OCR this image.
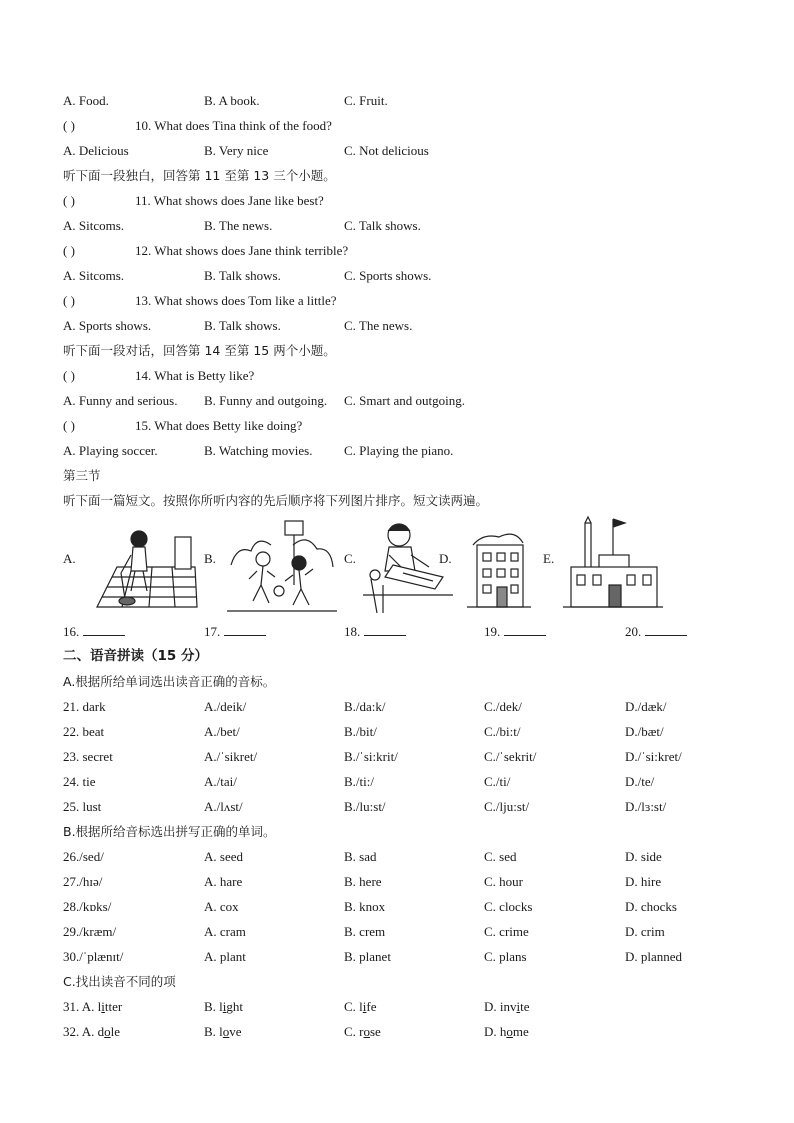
A. Food.	B. A book.	C. Fruit.
( )	10. What does Tina think of the food?
A. Delicious	B. Very nice	C. Not delicious
听下面一段独白，回答第 11 至第 13 三个小题。
( )	11. What shows does Jane like best?
A. Sitcoms.	B. The news.	C. Talk shows.
( )	12. What shows does Jane think terrible?
A. Sitcoms.	B. Talk shows.	C. Sports shows.
( )	13. What shows does Tom like a little?
A. Sports shows.	B. Talk shows.	C. The news.
听下面一段对话，回答第 14 至第 15 两个小题。
( )	14. What is Betty like?
A. Funny and serious. B. Funny and outgoing. C. Smart and outgoing.
( )	15. What does Betty like doing?
A. Playing soccer.	B. Watching movies. C. Playing the piano.
第三节
听下面一篇短文。按照你所听内容的先后顺序将下列图片排序。短文读两遍。
A.	B.	C.	D.	E.
16.	17.	18.	19.	20.
二、语音拼读（15 分）
A.根据所给单词选出读音正确的音标。
21. dark	A./deik/	B./da:k/	C./dek/	D./dæk/
22. beat	A./bet/	B./bit/	C./bi:t/	D./bæt/
23. secret	A./ˈsikret/	B./ˈsi:krit/	C./ˈsekrit/	D./ˈsi:kret/
24. tie	A./tai/	B./ti:/	C./ti/	D./te/
25. lust	A./lʌst/	B./lu:st/	C./lju:st/	D./lɜ:st/
B.根据所给音标选出拼写正确的单词。
26./sed/	A. seed	B. sad	C. sed	D. side
27./hɪə/	A. hare	B. here	C. hour	D. hire
28./kɒks/	A. cox	B. knox	C. clocks	D. chocks
29./kræm/	A. cram	B. crem	C. crime	D. crim
30./ˈplænɪt/	A. plant	B. planet	C. plans	D. planned
C.找出读音不同的项
31. A. litter	B. light	C. life	D. invite
32. A. dole	B. love	C. rose	D. home
